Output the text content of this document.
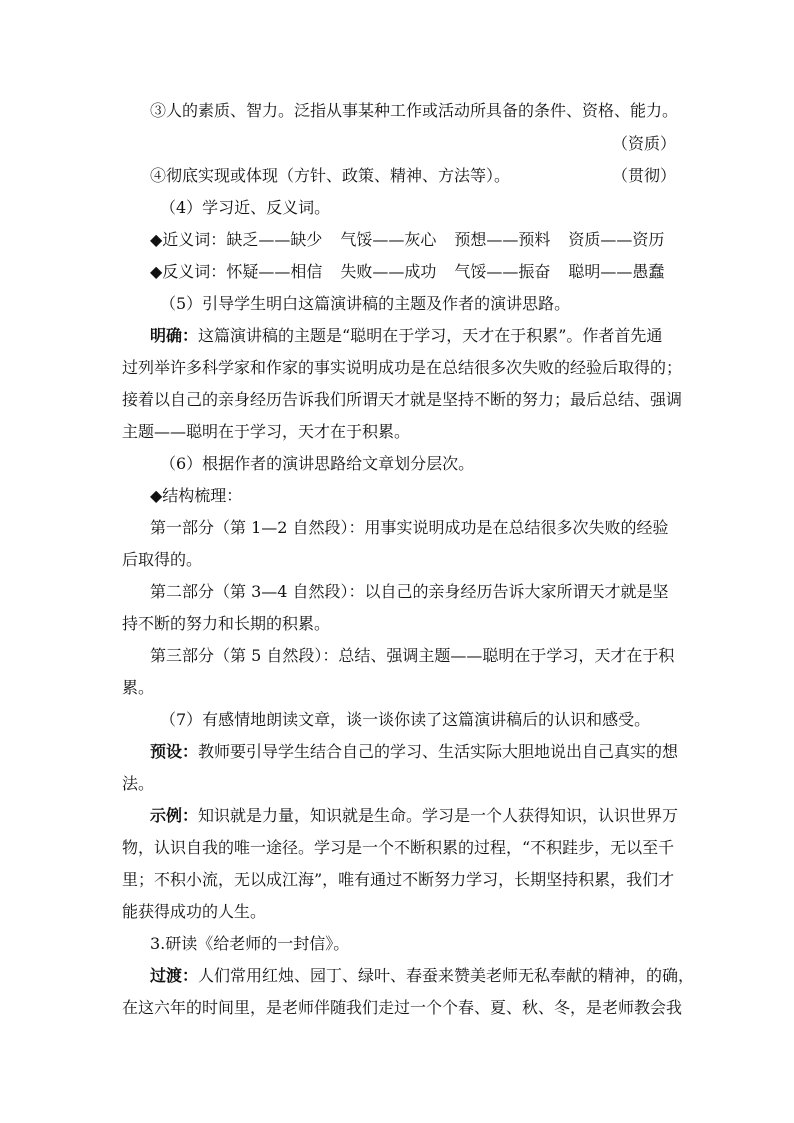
③人的素质、智力。泛指从事某种工作或活动所具备的条件、资格、能力。
（资质）
④彻底实现或体现（方针、政策、精神、方法等）。	（贯彻）
（4）学习近、反义词。
◆近义词：缺乏——缺少 气馁——灰心 预想——预料 资质——资历
◆反义词：怀疑——相信 失败——成功 气馁——振奋 聪明——愚蠢
（5）引导学生明白这篇演讲稿的主题及作者的演讲思路。
明确：这篇演讲稿的主题是“聪明在于学习，天才在于积累”。作者首先通
过列举许多科学家和作家的事实说明成功是在总结很多次失败的经验后取得的；
接着以自己的亲身经历告诉我们所谓天才就是坚持不断的努力；最后总结、强调
主题——聪明在于学习，天才在于积累。
（6）根据作者的演讲思路给文章划分层次。
◆结构梳理：
第一部分（第 1—2 自然段）：用事实说明成功是在总结很多次失败的经验
后取得的。
第二部分（第 3—4 自然段）：以自己的亲身经历告诉大家所谓天才就是坚
持不断的努力和长期的积累。
第三部分（第 5 自然段）：总结、强调主题——聪明在于学习，天才在于积
累。
（7）有感情地朗读文章，谈一谈你读了这篇演讲稿后的认识和感受。
预设：教师要引导学生结合自己的学习、生活实际大胆地说出自己真实的想
法。
示例：知识就是力量，知识就是生命。学习是一个人获得知识，认识世界万
物，认识自我的唯一途径。学习是一个不断积累的过程，“不积跬步，无以至千
里；不积小流，无以成江海”，唯有通过不断努力学习，长期坚持积累，我们才
能获得成功的人生。
3.研读《给老师的一封信》。
过渡：人们常用红烛、园丁、绿叶、春蚕来赞美老师无私奉献的精神，的确，
在这六年的时间里，是老师伴随我们走过一个个春、夏、秋、冬，是老师教会我
